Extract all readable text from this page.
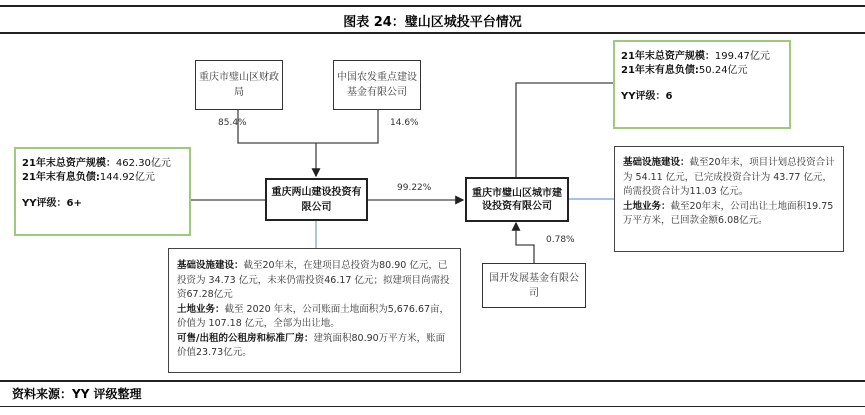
图表 24：璧山区城投平台情况
重庆市璧山区财政局
中国农发重点建设基金有限公司
85.4%	14.6%
21年末总资产规模：462.30亿元
21年末有息负债:144.92亿元
YY评级：6+
重庆两山建设投资有限公司
99.22%	重庆市璧山区城市建设投资有限公司
21年末总资产规模：199.47亿元
21年末有息负债:50.24亿元
YY评级：6
基础设施建设：截至20年末，项目计划总投资合计为 54.11 亿元，已完成投资合计为 43.77 亿元，尚需投资合计为11.03 亿元。
土地业务：截至20年末，公司出让土地面积19.75万平方米，已回款金额6.08亿元。
0.78%
国开发展基金有限公司
基础设施建设：截至20年末，在建项目总投资为80.90 亿元，已投资为 34.73 亿元，未来仍需投资46.17 亿元；拟建项目尚需投资67.28亿元
土地业务：截至 2020 年末，公司账面土地面积为5,676.67亩，价值为 107.18 亿元，全部为出让地。
可售/出租的公租房和标准厂房：建筑面积80.90万平方米，账面价值23.73亿元。
资料来源：YY 评级整理
